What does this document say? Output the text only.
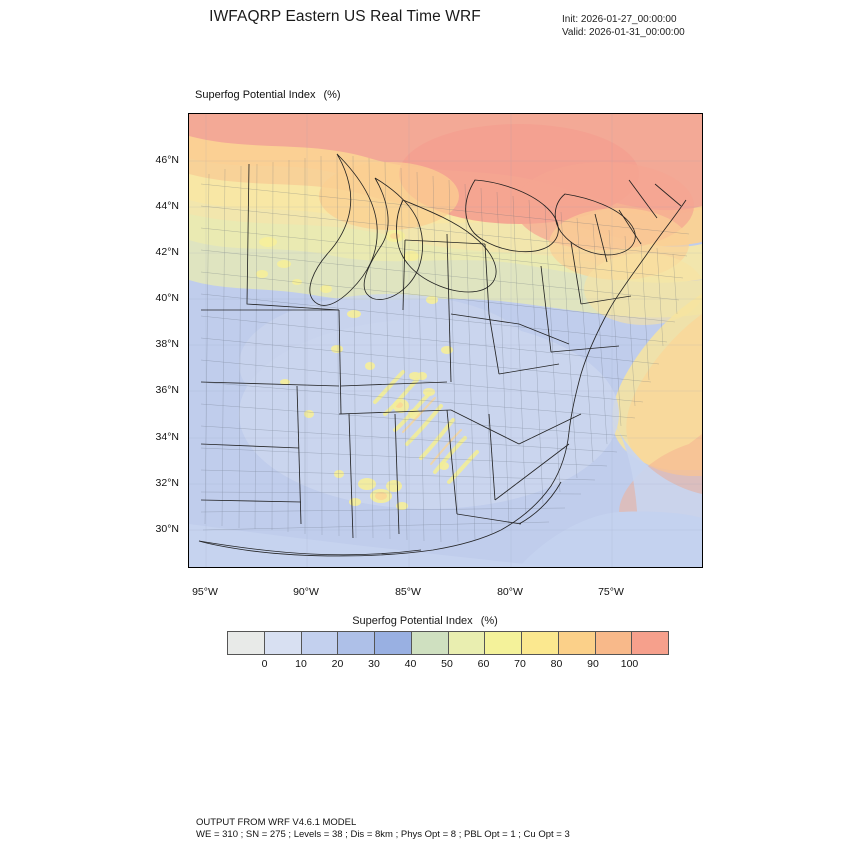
IWFAQRP Eastern US Real Time WRF	Init: 2026-01-27_00:00:00
Valid: 2026-01-31_00:00:00
Superfog Potential Index (%)
46°N
44°N
42°N
40°N
38°N
36°N
34°N
32°N
30°N
95°W	90°W	85°W	80°W	75°W
Superfog Potential Index (%)
0	10 20 30 40 50 60 70 80 90 100
OUTPUT FROM WRF V4.6.1 MODEL
WE = 310 ; SN = 275 ; Levels = 38 ; Dis = 8km ; Phys Opt = 8 ; PBL Opt = 1 ; Cu Opt = 3
